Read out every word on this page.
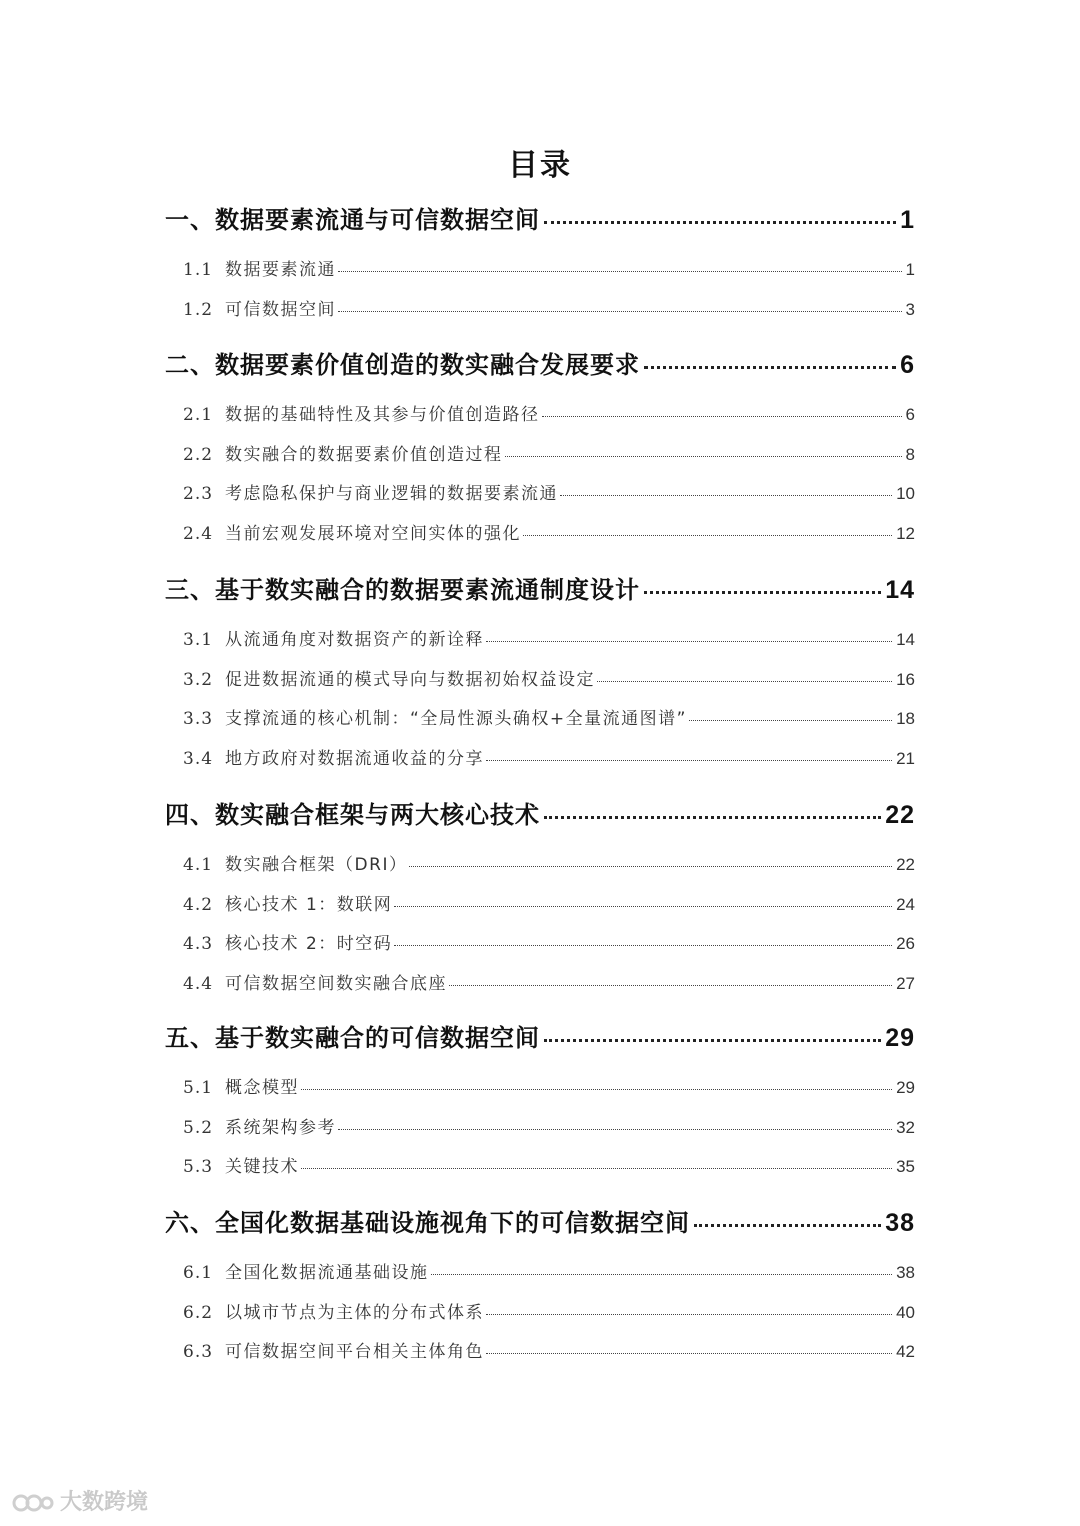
目录
一、数据要素流通与可信数据空间	1
1.1 数据要素流通	1
1.2 可信数据空间	3
二、数据要素价值创造的数实融合发展要求	6
2.1 数据的基础特性及其参与价值创造路径	6
2.2 数实融合的数据要素价值创造过程	8
2.3 考虑隐私保护与商业逻辑的数据要素流通	10
2.4 当前宏观发展环境对空间实体的强化	12
三、基于数实融合的数据要素流通制度设计	14
3.1 从流通角度对数据资产的新诠释	14
3.2 促进数据流通的模式导向与数据初始权益设定	16
3.3 支撑流通的核心机制：“全局性源头确权+全量流通图谱”	18
3.4 地方政府对数据流通收益的分享	21
四、数实融合框架与两大核心技术	22
4.1 数实融合框架（DRI）	22
4.2 核心技术 1：数联网	24
4.3 核心技术 2：时空码	26
4.4 可信数据空间数实融合底座	27
五、基于数实融合的可信数据空间	29
5.1 概念模型	29
5.2 系统架构参考	32
5.3 关键技术	35
六、全国化数据基础设施视角下的可信数据空间	38
6.1 全国化数据流通基础设施	38
6.2 以城市节点为主体的分布式体系	40
6.3 可信数据空间平台相关主体角色	42
大数跨境
